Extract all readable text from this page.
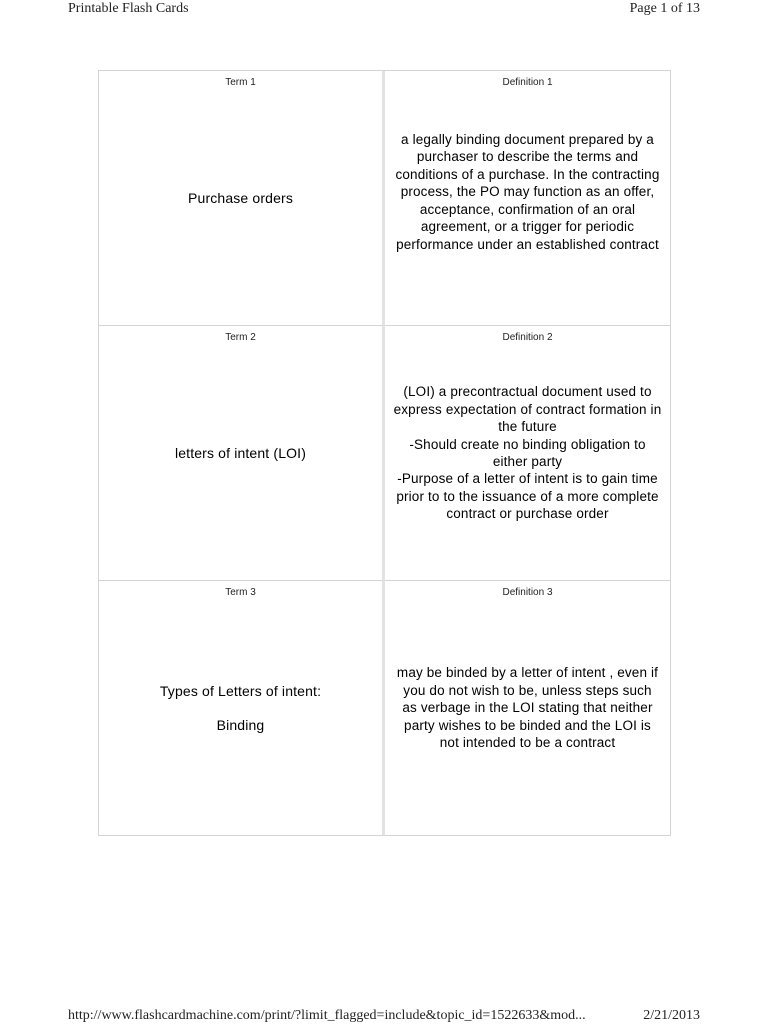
Printable Flash Cards	Page 1 of 13
Term 1
Purchase orders
Definition 1
a legally binding document prepared by a purchaser to describe the terms and conditions of a purchase. In the contracting process, the PO may function as an offer, acceptance, confirmation of an oral agreement, or a trigger for periodic performance under an established contract
Term 2
letters of intent (LOI)
Definition 2
(LOI) a precontractual document used to express expectation of contract formation in the future
-Should create no binding obligation to either party
-Purpose of a letter of intent is to gain time prior to to the issuance of a more complete contract or purchase order
Term 3
Types of Letters of intent:
Binding
Definition 3
may be binded by a letter of intent , even if you do not wish to be, unless steps such as verbage in the LOI stating that neither party wishes to be binded and the LOI is not intended to be a contract
http://www.flashcardmachine.com/print/?limit_flagged=include&topic_id=1522633&mod...	2/21/2013
